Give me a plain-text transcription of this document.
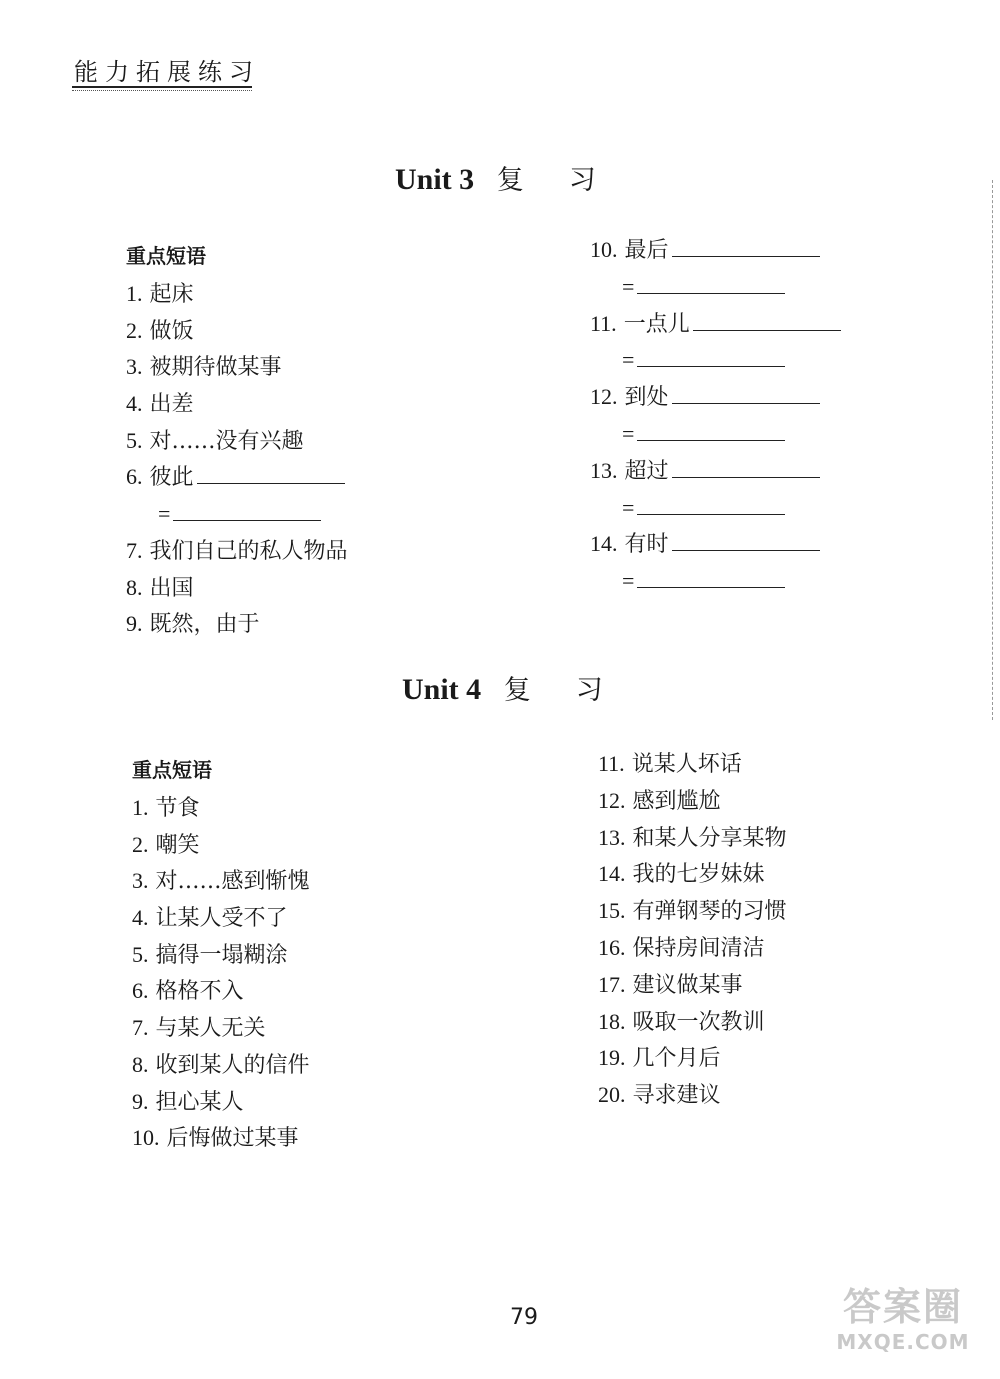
能力拓展练习
Unit 3 复 习
重点短语
1. 起床
2. 做饭
3. 被期待做某事
4. 出差
5. 对……没有兴趣
6. 彼此
=
7. 我们自己的私人物品
8. 出国
9. 既然，由于
10. 最后
=
11. 一点儿
=
12. 到处
=
13. 超过
=
14. 有时
=
Unit 4 复 习
重点短语
1. 节食
2. 嘲笑
3. 对……感到惭愧
4. 让某人受不了
5. 搞得一塌糊涂
6. 格格不入
7. 与某人无关
8. 收到某人的信件
9. 担心某人
10. 后悔做过某事
11. 说某人坏话
12. 感到尴尬
13. 和某人分享某物
14. 我的七岁妹妹
15. 有弹钢琴的习惯
16. 保持房间清洁
17. 建议做某事
18. 吸取一次教训
19. 几个月后
20. 寻求建议
79	答案圈
MXQE.COM
